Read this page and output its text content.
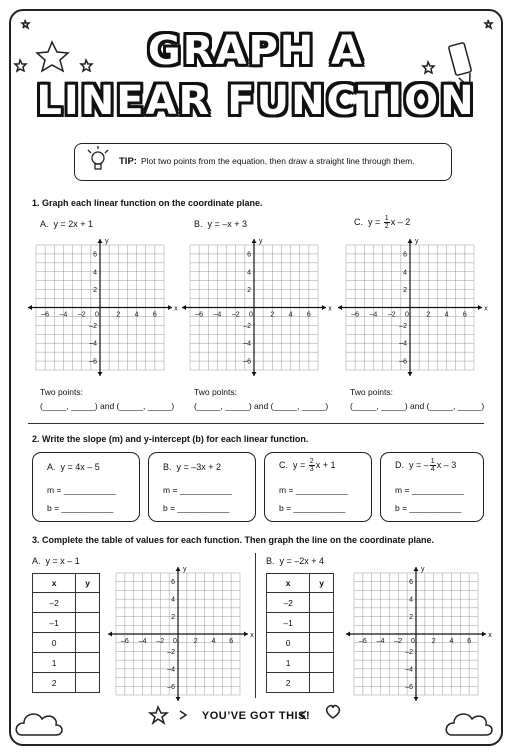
GRAPH A
LINEAR FUNCTION
TIP: Plot two points from the equation, then draw a straight line through them.
1. Graph each linear function on the coordinate plane.
A. y = 2x + 1	B. y = –x + 3	C. $y = \frac{1}{2}$ x – 2
x
y
–6 –4 –2 0 2 4 6
6
4
2
–2
–4
–6
x
y
–6 –4 –2 0 2 4 6
6
4
2
–2
–4
–6
x
y
–6 –4 –2 0 2 4 6
6
4
2
–2
–4
–6
Two points:
(_____, _____) and (_____, _____)
Two points:
(_____, _____) and (_____, _____)
Two points:
(_____, _____) and (_____, _____)
2. Write the slope (m) and y-intercept (b) for each linear function.
A. y = 4x – 5
m = ___________
b = ___________
B. y = –3x + 2
m = ___________
b = ___________
C. $y = \frac{2}{3}$ x + 1
m = ___________
b = ___________
D. y = – $\frac{1}{4}$ x – 3
m = ___________
b = ___________
3. Complete the table of values for each function. Then graph the line on the coordinate plane.
A. y = x – 1	B. y = –2x + 4
x	y
–2	
–1	
0	
1	
2	
x	y
–2	
–1	
0	
1	
2	
x
y
–6 –4 –2 0 2 4 6
6
4
2
–2
–4
–6
x
y
–6 –4 –2 0 2 4 6
6
4
2
–2
–4
–6
YOU’VE GOT THIS!
